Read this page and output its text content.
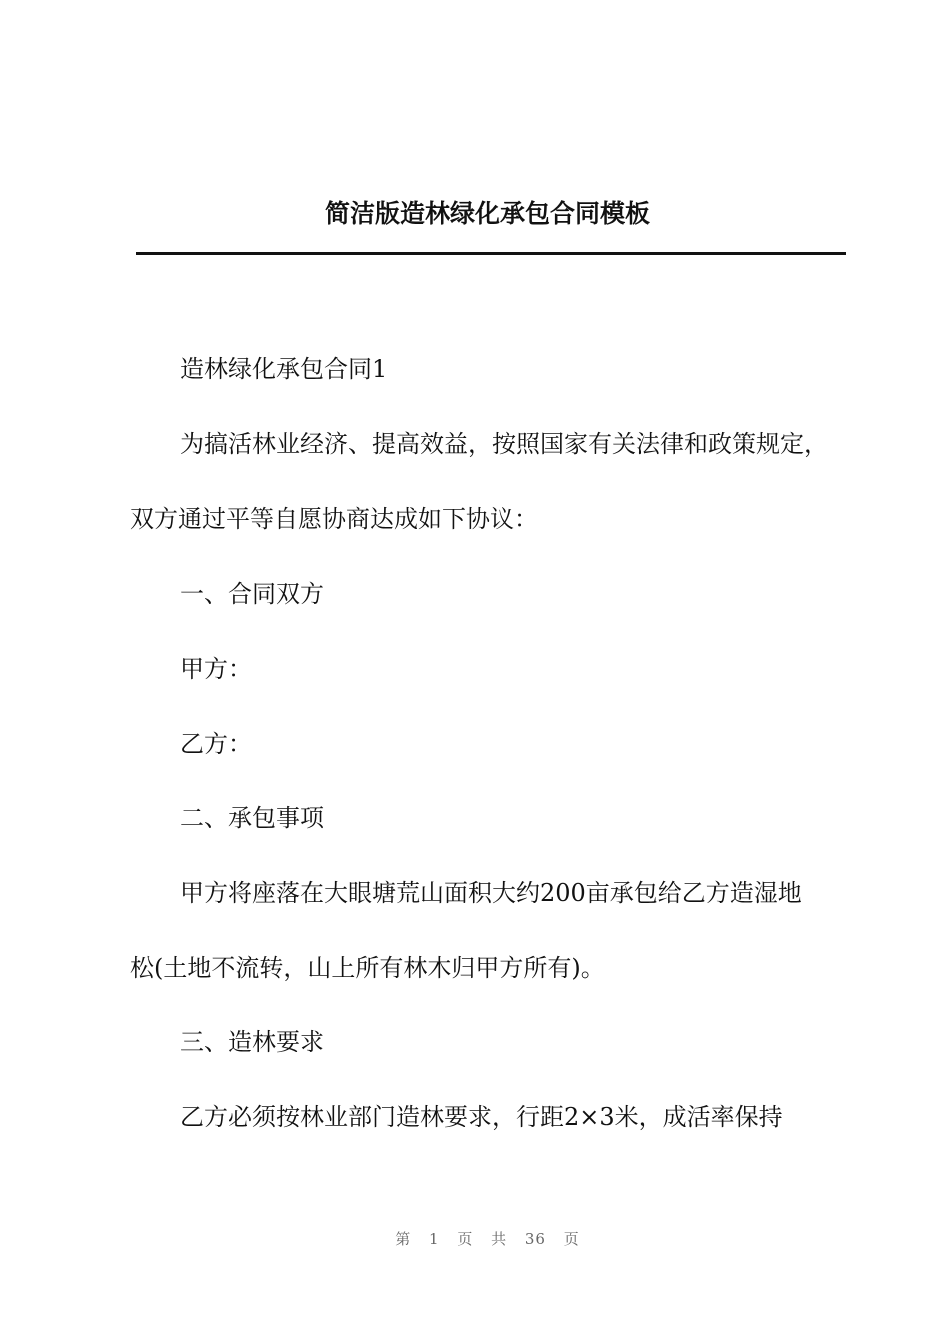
简洁版造林绿化承包合同模板
造林绿化承包合同1
为搞活林业经济、提高效益，按照国家有关法律和政策规定，
双方通过平等自愿协商达成如下协议：
一、合同双方
甲方：
乙方：
二、承包事项
甲方将座落在大眼塘荒山面积大约200亩承包给乙方造湿地
松(土地不流转，山上所有林木归甲方所有)。
三、造林要求
乙方必须按林业部门造林要求，行距2×3米，成活率保持
第 1 页 共 36 页
